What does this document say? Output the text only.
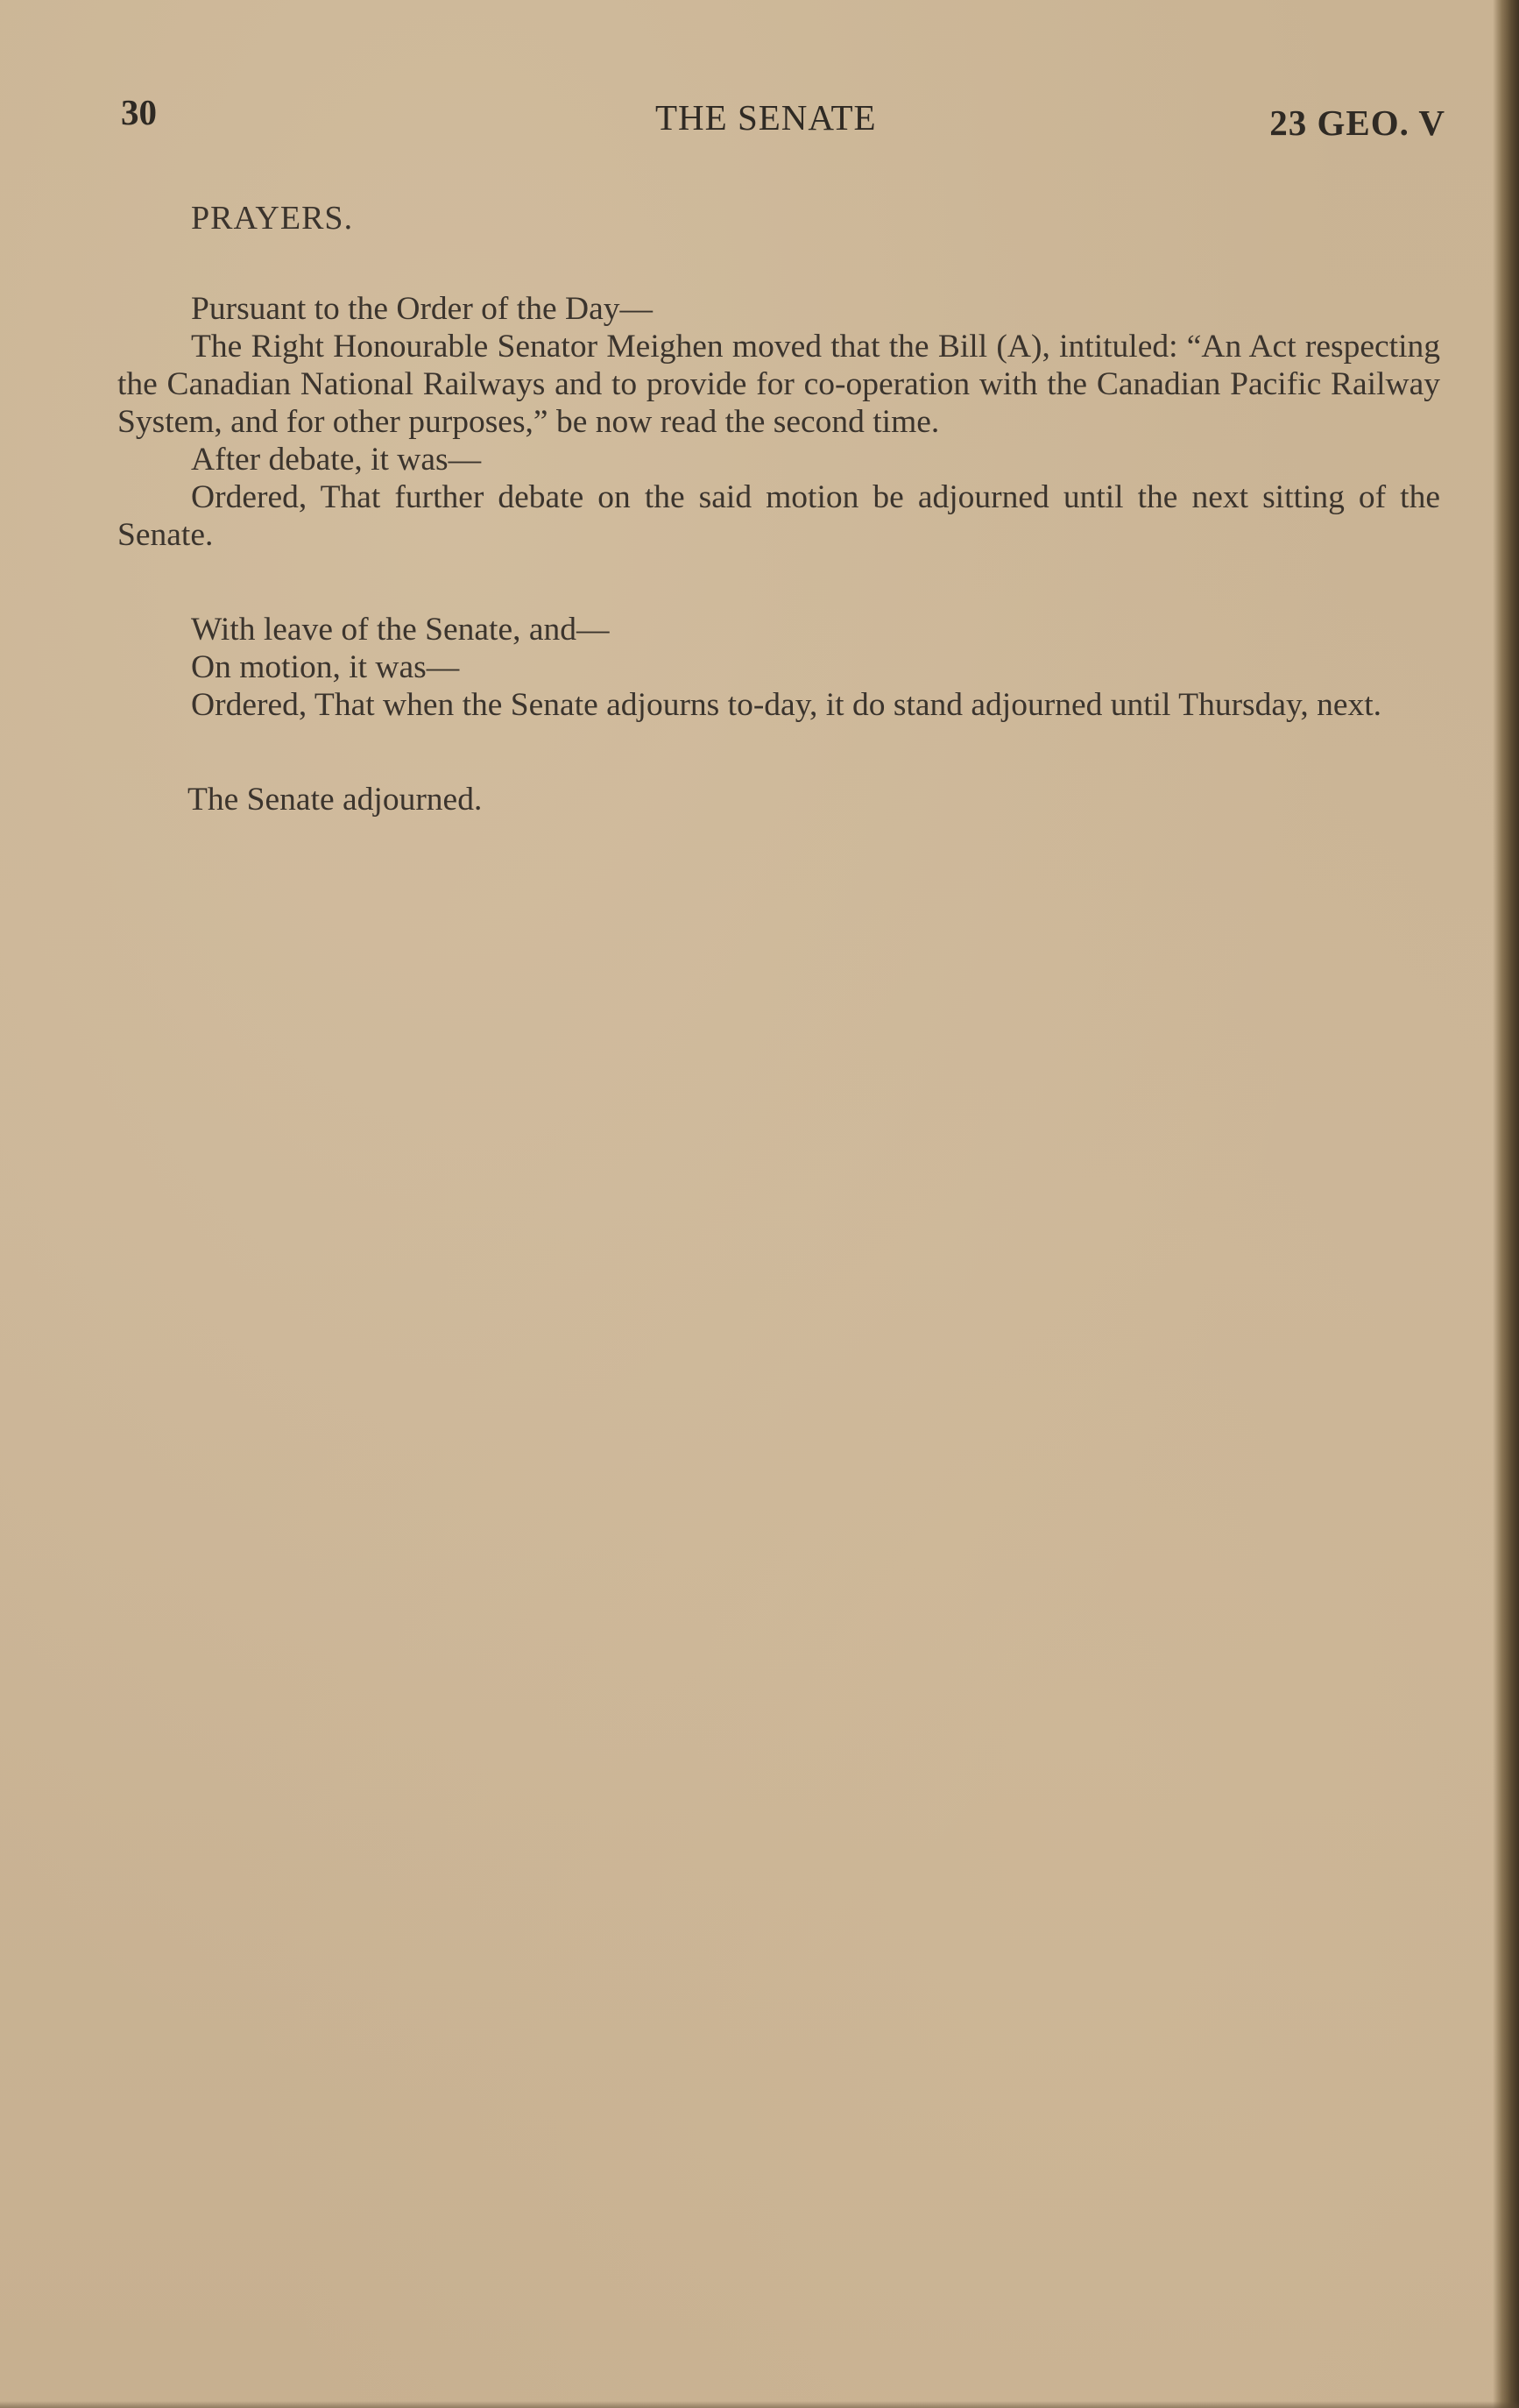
30	THE SENATE	23 GEO. V
PRAYERS.

Pursuant to the Order of the Day—

The Right Honourable Senator Meighen moved that the Bill (A), intituled: “An Act respecting the Canadian National Railways and to provide for co-operation with the Canadian Pacific Railway System, and for other purposes,” be now read the second time.

After debate, it was—

Ordered, That further debate on the said motion be adjourned until the next sitting of the Senate.

With leave of the Senate, and—

On motion, it was—

Ordered, That when the Senate adjourns to-day, it do stand adjourned until Thursday, next.

The Senate adjourned.
